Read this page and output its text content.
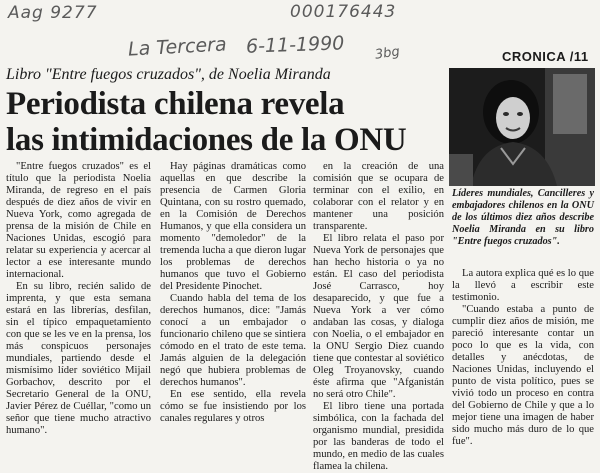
Aag 9277	000176443
La Tercera 6-11-1990 3bg	CRONICA /11
Libro "Entre fuegos cruzados", de Noelia Miranda
Periodista chilena revela
las intimidaciones de la ONU

"Entre fuegos cruzados" es el título que la periodista Noelia Miranda, de regreso en el país después de diez años de vivir en Nueva York, como agregada de prensa de la misión de Chile en Naciones Unidas, escogió para relatar su experiencia y acercar al lector a ese interesante mundo internacional.

En su libro, recién salido de imprenta, y que esta semana estará en las librerías, desfilan, sin el típico empaquetamiento con que se les ve en la prensa, los más conspicuos personajes mundiales, partiendo desde el mismísimo líder soviético Mijail Gorbachov, descrito por el Secretario General de la ONU, Javier Pérez de Cuéllar, "como un señor que tiene mucho atractivo humano".

Hay páginas dramáticas como aquellas en que describe la presencia de Carmen Gloria Quintana, con su rostro quemado, en la Comisión de Derechos Humanos, y que ella considera un momento "demoledor" de la tremenda lucha a que dieron lugar los problemas de derechos humanos que tuvo el Gobierno del Presidente Pinochet.

Cuando habla del tema de los derechos humanos, dice: "Jamás conocí a un embajador o funcionario chileno que se sintiera cómodo en el trato de este tema. Jamás alguien de la delegación negó que hubiera problemas de derechos humanos".

En ese sentido, ella revela cómo se fue insistiendo por los canales regulares y otros

en la creación de una comisión que se ocupara de terminar con el exilio, en colaborar con el relator y en mantener una posición transparente.

El libro relata el paso por Nueva York de personajes que han hecho historia o ya no están. El caso del periodista José Carrasco, hoy desaparecido, y que fue a Nueva York a ver cómo andaban las cosas, y dialoga con Noelia, o el embajador en la ONU Sergio Diez cuando tiene que contestar al soviético Oleg Troyanovsky, cuando éste afirma que "Afganistán no será otro Chile".

El libro tiene una portada simbólica, con la fachada del organismo mundial, presidida por las banderas de todo el mundo, en medio de las cuales flamea la chilena.

Líderes mundiales, Cancilleres y embajadores chilenos en la ONU de los últimos diez años describe Noelia Miranda en su libro "Entre fuegos cruzados".

La autora explica qué es lo que la llevó a escribir este testimonio.

"Cuando estaba a punto de cumplir diez años de misión, me pareció interesante contar un poco lo que es la vida, con detalles y anécdotas, de Naciones Unidas, incluyendo el punto de vista político, pues se vivió todo un proceso en contra del Gobierno de Chile y que a lo mejor tiene una imagen de haber sido mucho más duro de lo que fue".
